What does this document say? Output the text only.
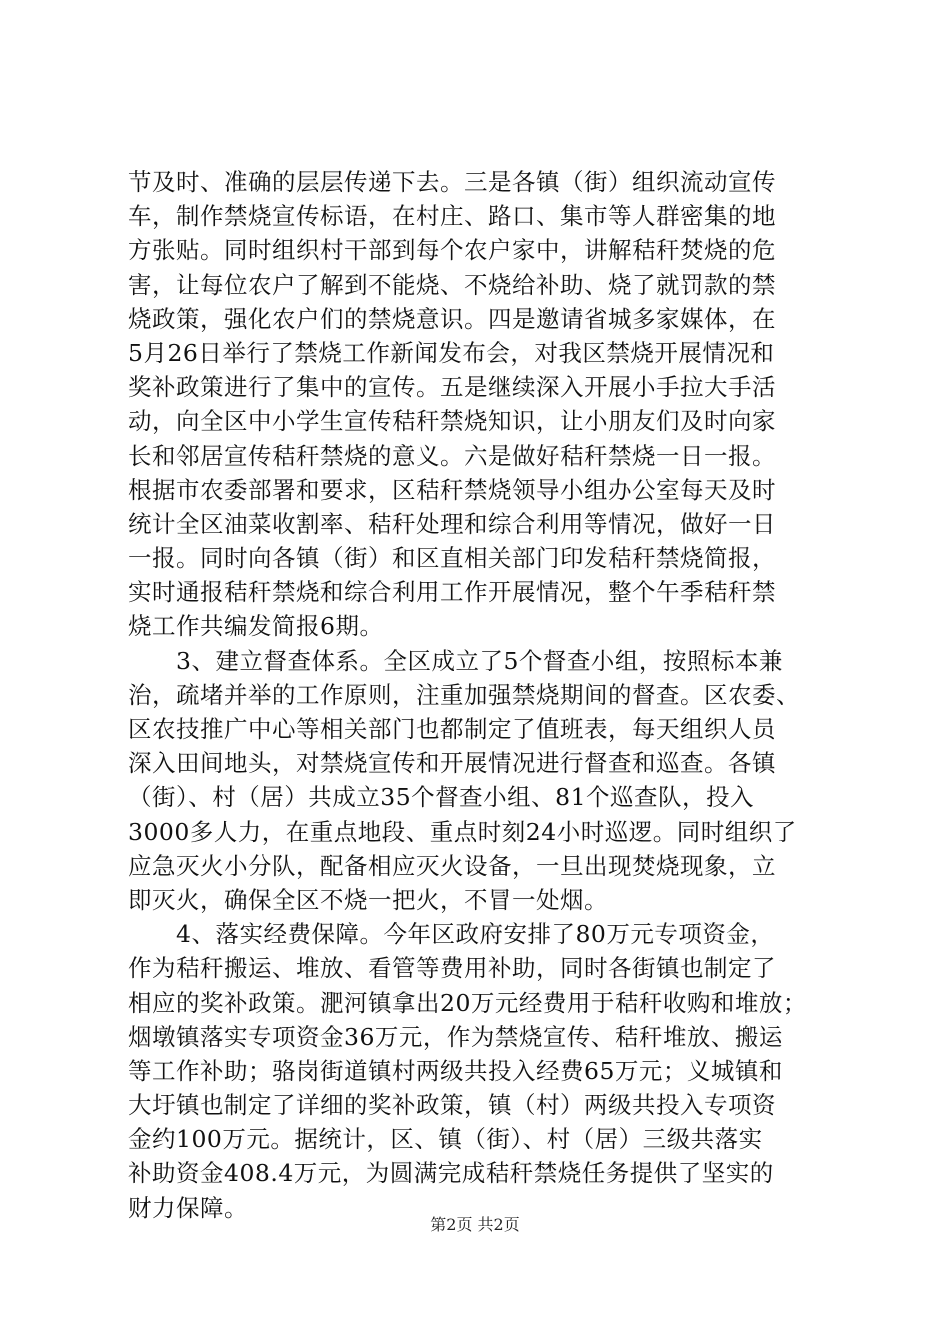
节及时、准确的层层传递下去。三是各镇（街）组织流动宣传
车，制作禁烧宣传标语，在村庄、路口、集市等人群密集的地
方张贴。同时组织村干部到每个农户家中，讲解秸秆焚烧的危
害，让每位农户了解到不能烧、不烧给补助、烧了就罚款的禁
烧政策，强化农户们的禁烧意识。四是邀请省城多家媒体，在
5月26日举行了禁烧工作新闻发布会，对我区禁烧开展情况和
奖补政策进行了集中的宣传。五是继续深入开展小手拉大手活
动，向全区中小学生宣传秸秆禁烧知识，让小朋友们及时向家
长和邻居宣传秸秆禁烧的意义。六是做好秸秆禁烧一日一报。
根据市农委部署和要求，区秸秆禁烧领导小组办公室每天及时
统计全区油菜收割率、秸秆处理和综合利用等情况，做好一日
一报。同时向各镇（街）和区直相关部门印发秸秆禁烧简报，
实时通报秸秆禁烧和综合利用工作开展情况，整个午季秸秆禁
烧工作共编发简报6期。
　　3、建立督查体系。全区成立了5个督查小组，按照标本兼
治，疏堵并举的工作原则，注重加强禁烧期间的督查。区农委、
区农技推广中心等相关部门也都制定了值班表，每天组织人员
深入田间地头，对禁烧宣传和开展情况进行督查和巡查。各镇
（街）、村（居）共成立35个督查小组、81个巡查队，投入
3000多人力，在重点地段、重点时刻24小时巡逻。同时组织了
应急灭火小分队，配备相应灭火设备，一旦出现焚烧现象，立
即灭火，确保全区不烧一把火，不冒一处烟。
　　4、落实经费保障。今年区政府安排了80万元专项资金，
作为秸秆搬运、堆放、看管等费用补助，同时各街镇也制定了
相应的奖补政策。淝河镇拿出20万元经费用于秸秆收购和堆放；
烟墩镇落实专项资金36万元，作为禁烧宣传、秸秆堆放、搬运
等工作补助；骆岗街道镇村两级共投入经费65万元；义城镇和
大圩镇也制定了详细的奖补政策，镇（村）两级共投入专项资
金约100万元。据统计，区、镇（街）、村（居）三级共落实
补助资金408.4万元，为圆满完成秸秆禁烧任务提供了坚实的
财力保障。
第2页 共2页
